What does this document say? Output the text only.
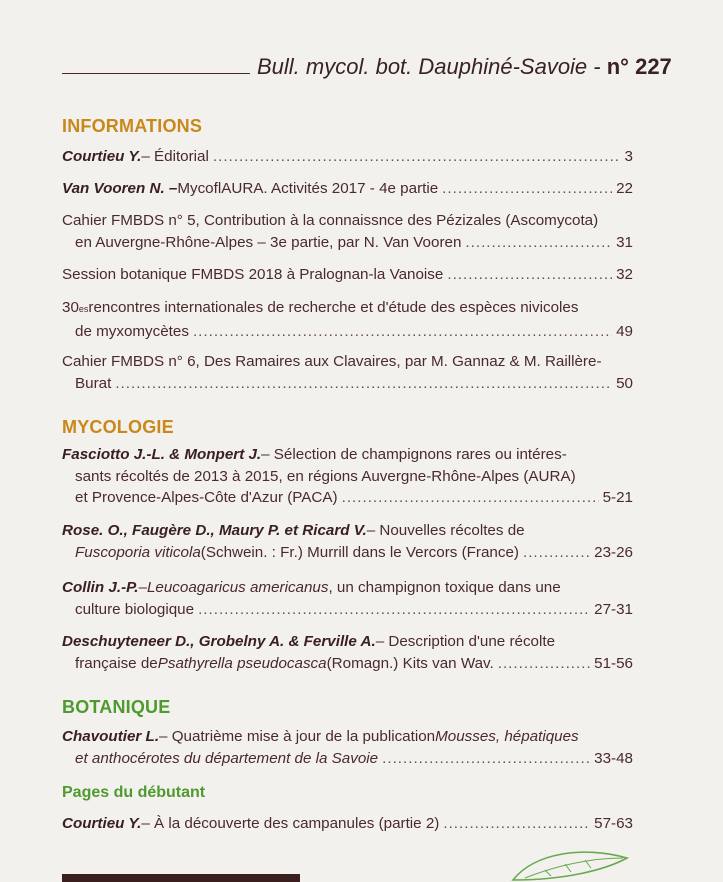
Bull. mycol. bot. Dauphiné-Savoie - n° 227
INFORMATIONS
Courtieu Y. – Éditorial .....	3
Van Vooren N. – MycoflAURA. Activités 2017 - 4e partie .....	22
Cahier FMBDS n° 5, Contribution à la connaissnce des Pézizales (Ascomycota)
en Auvergne-Rhône-Alpes – 3e partie, par N. Van Vooren .....	31
Session botanique FMBDS 2018 à Pralognan-la Vanoise .....	32
30 es rencontres internationales de recherche et d'étude des espèces nivicoles
de myxomycètes .....	49
Cahier FMBDS n° 6, Des Ramaires aux Clavaires, par M. Gannaz & M. Raillère-
Burat .....	50
MYCOLOGIE
Fasciotto J.-L. & Monpert J. – Sélection de champignons rares ou intéres-
sants récoltés de 2013 à 2015, en régions Auvergne-Rhône-Alpes (AURA)
et Provence-Alpes-Côte d'Azur (PACA) .....	5-21
Rose. O., Faugère D., Maury P. et Ricard V. – Nouvelles récoltes de
Fuscoporia viticola (Schwein. : Fr.) Murrill dans le Vercors (France) .....	23-26
Collin J.-P. – Leucoagaricus americanus , un champignon toxique dans une
culture biologique .....	27-31
Deschuyteneer D., Grobelny A. & Ferville A. – Description d'une récolte
française de Psathyrella pseudocasca (Romagn.) Kits van Wav. .....	51-56
BOTANIQUE
Chavoutier L. – Quatrième mise à jour de la publication Mousses, hépatiques
et anthocérotes du département de la Savoie .....	33-48
Pages du débutant
Courtieu Y. – À la découverte des campanules (partie 2) .....	57-63
